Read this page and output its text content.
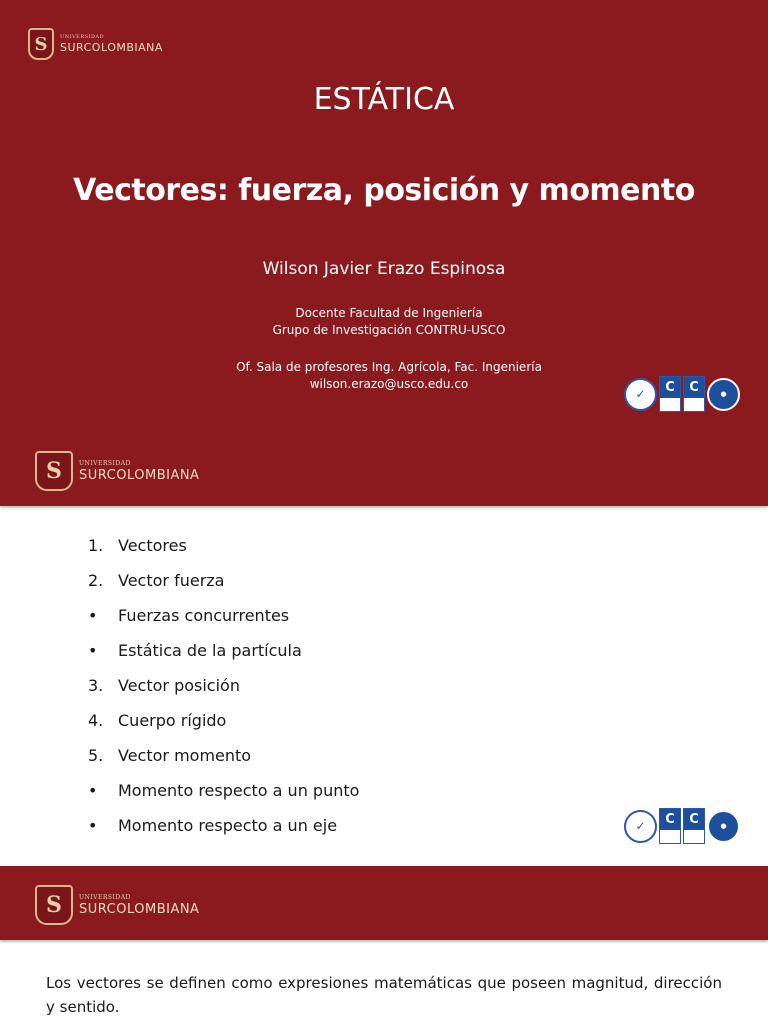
S	UNIVERSIDAD
SURCOLOMBIANA
ESTÁTICA
Vectores: fuerza, posición y momento
Wilson Javier Erazo Espinosa
Docente Facultad de Ingeniería
Grupo de Investigación CONTRU-USCO
Of. Sala de profesores Ing. Agrícola, Fac. Ingeniería
wilson.erazo@usco.edu.co
✓	C	C	●
S	UNIVERSIDAD
SURCOLOMBIANA
1. Vectores
2. Vector fuerza
•	Fuerzas concurrentes
•	Estática de la partícula
3. Vector posición
4. Cuerpo rígido
5. Vector momento
•	Momento respecto a un punto
•	Momento respecto a un eje	✓	C	C	●
S	UNIVERSIDAD
SURCOLOMBIANA

Los vectores se definen como expresiones matemáticas que poseen magnitud, dirección y sentido.
